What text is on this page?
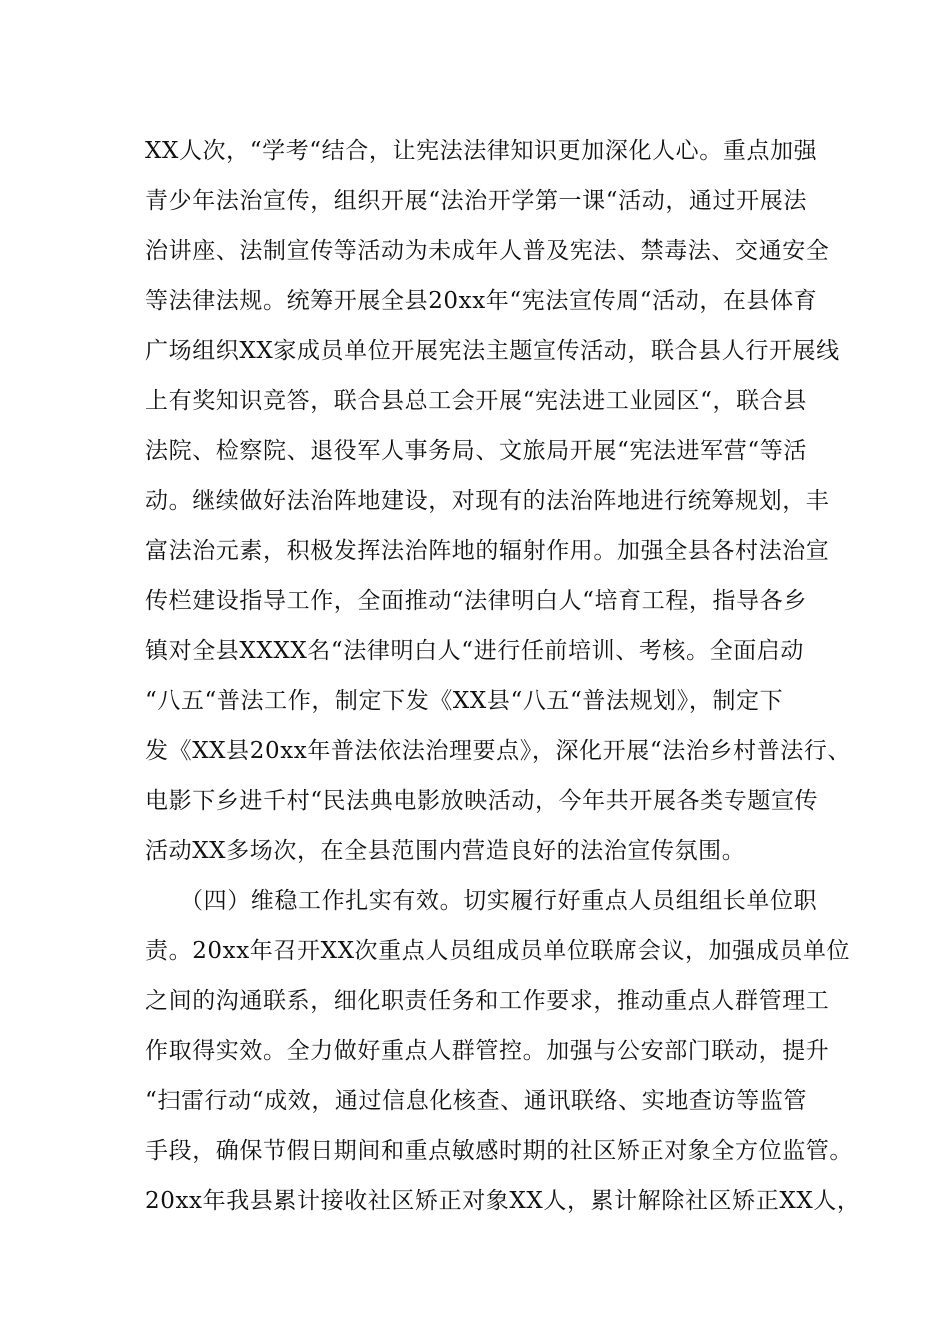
XX人次，“学考“结合，让宪法法律知识更加深化人心。重点加强
青少年法治宣传，组织开展“法治开学第一课“活动，通过开展法
治讲座、法制宣传等活动为未成年人普及宪法、禁毒法、交通安全
等法律法规。统筹开展全县20xx年“宪法宣传周“活动，在县体育
广场组织XX家成员单位开展宪法主题宣传活动，联合县人行开展线
上有奖知识竞答，联合县总工会开展“宪法进工业园区“，联合县
法院、检察院、退役军人事务局、文旅局开展“宪法进军营“等活
动。继续做好法治阵地建设，对现有的法治阵地进行统筹规划，丰
富法治元素，积极发挥法治阵地的辐射作用。加强全县各村法治宣
传栏建设指导工作，全面推动“法律明白人“培育工程，指导各乡
镇对全县XXXX名“法律明白人“进行任前培训、考核。全面启动
“八五“普法工作，制定下发《XX县“八五“普法规划》，制定下
发《XX县20xx年普法依法治理要点》，深化开展“法治乡村普法行、
电影下乡进千村“民法典电影放映活动，今年共开展各类专题宣传
活动XX多场次，在全县范围内营造良好的法治宣传氛围。
（四）维稳工作扎实有效。切实履行好重点人员组组长单位职
责。20xx年召开XX次重点人员组成员单位联席会议，加强成员单位
之间的沟通联系，细化职责任务和工作要求，推动重点人群管理工
作取得实效。全力做好重点人群管控。加强与公安部门联动，提升
“扫雷行动“成效，通过信息化核查、通讯联络、实地查访等监管
手段，确保节假日期间和重点敏感时期的社区矫正对象全方位监管。
20xx年我县累计接收社区矫正对象XX人，累计解除社区矫正XX人，
